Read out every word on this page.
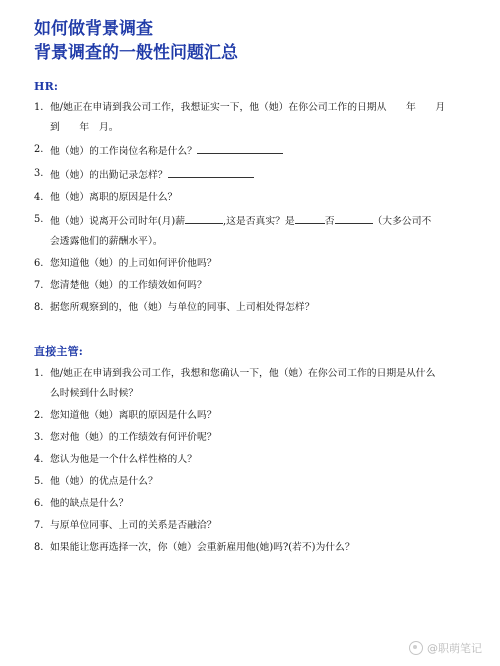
如何做背景调查
背景调查的一般性问题汇总
HR:
1. 他/她正在申请到我公司工作，我想证实一下，他（她）在你公司工作的日期从　　年　　月
到　　年　月。
2. 他（她）的工作岗位名称是什么？
3. 他（她）的出勤记录怎样？
4. 他（她）离职的原因是什么？
5. 他（她）说离开公司时年(月)薪	,这是否真实？是	否	（大多公司不
会透露他们的薪酬水平）。
6. 您知道他（她）的上司如何评价他吗？
7. 您清楚他（她）的工作绩效如何吗？
8. 据您所观察到的，他（她）与单位的同事、上司相处得怎样？
直接主管:
1. 他/她正在申请到我公司工作，我想和您确认一下，他（她）在你公司工作的日期是从什么
么时候到什么时候？
2. 您知道他（她）离职的原因是什么吗？
3. 您对他（她）的工作绩效有何评价呢？
4. 您认为他是一个什么样性格的人？
5. 他（她）的优点是什么？
6. 他的缺点是什么？
7. 与原单位同事、上司的关系是否融洽？
8. 如果能让您再选择一次，你（她）会重新雇用他(她)吗?(若不)为什么？
@职萌笔记
